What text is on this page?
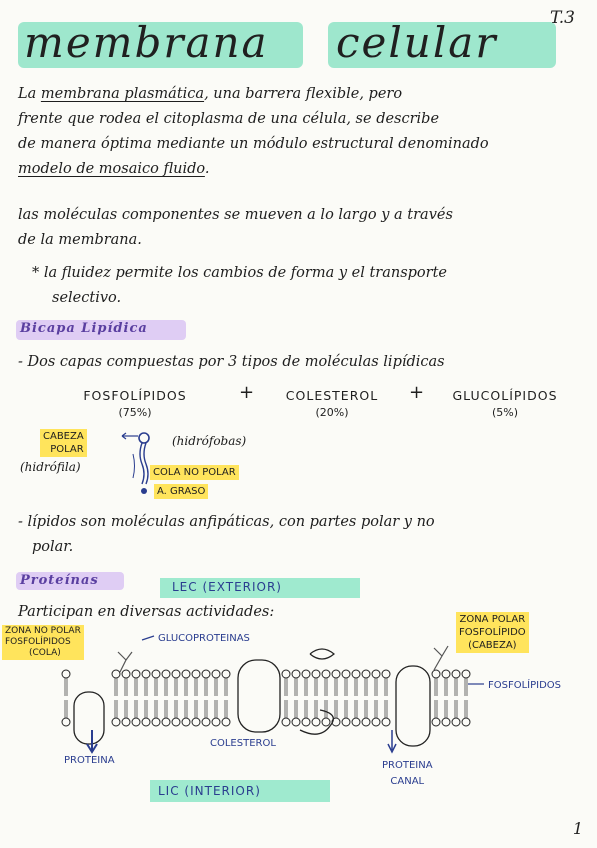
membrana celular	T.3
La membrana plasmática, una barrera flexible, pero
frente que rodea el citoplasma de una célula, se describe
de manera óptima mediante un módulo estructural denominado
modelo de mosaico fluido.
las moléculas componentes se mueven a lo largo y a través
de la membrana.
* la fluidez permite los cambios de forma y el transporte
selectivo.
Bicapa Lipídica
- Dos capas compuestas por 3 tipos de moléculas lipídicas
FOSFOLÍPIDOS	+	COLESTEROL	+	GLUCOLÍPIDOS
(75%)	(20%)	(5%)
CABEZA
POLAR
(hidrófila)
(hidrófobas)
COLA NO POLAR
A. GRASO
- lípidos son moléculas anfipáticas, con partes polar y no
polar.
Proteínas	LEC (EXTERIOR)
Participan en diversas actividades:
ZONA NO POLAR
FOSFOLÍPIDOS
(COLA)
GLUCOPROTEINAS
ZONA POLAR
FOSFOLÍPIDO
(CABEZA)
FOSFOLÍPIDOS
COLESTEROL
PROTEINA	PROTEINA
CANAL
LIC (INTERIOR)
1
